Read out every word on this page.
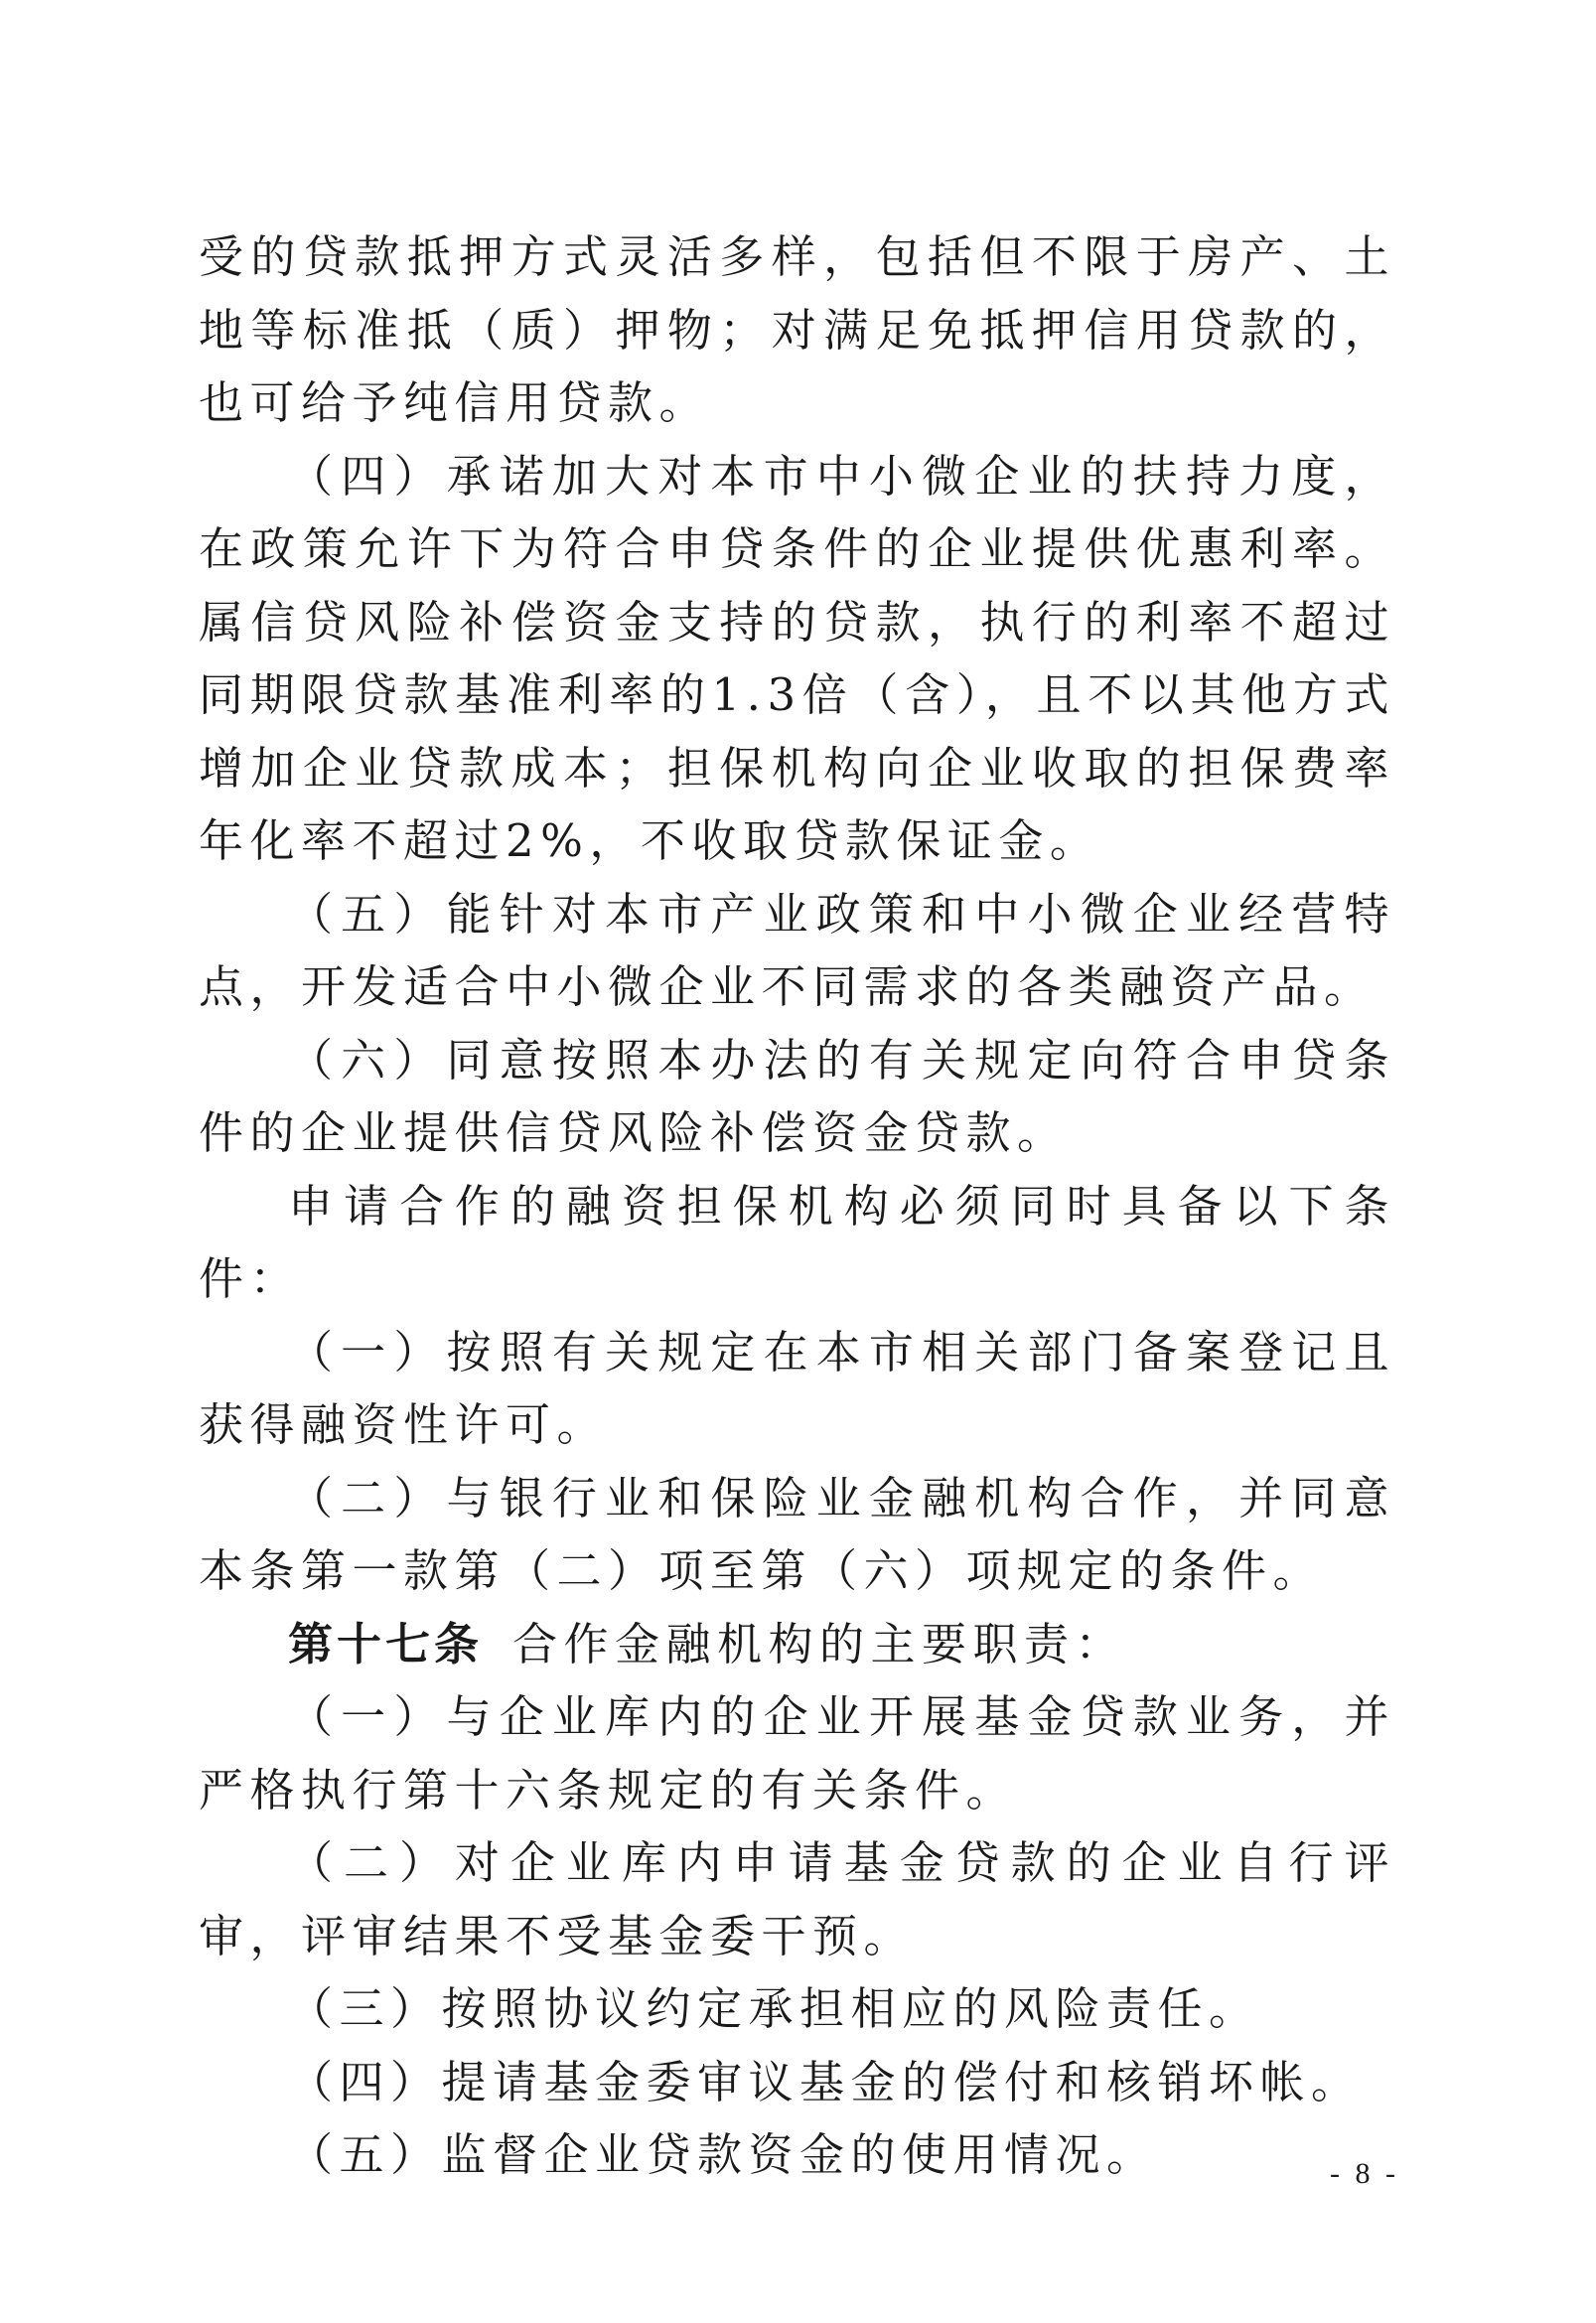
受的贷款抵押方式灵活多样，包括但不限于房产、土地等标准抵（质）押物；对满足免抵押信用贷款的，也可给予纯信用贷款。

（四）承诺加大对本市中小微企业的扶持力度，在政策允许下为符合申贷条件的企业提供优惠利率。属信贷风险补偿资金支持的贷款，执行的利率不超过同期限贷款基准利率的1.3倍（含），且不以其他方式增加企业贷款成本；担保机构向企业收取的担保费率年化率不超过2%，不收取贷款保证金。

（五）能针对本市产业政策和中小微企业经营特点，开发适合中小微企业不同需求的各类融资产品。

（六）同意按照本办法的有关规定向符合申贷条件的企业提供信贷风险补偿资金贷款。

申请合作的融资担保机构必须同时具备以下条件：

（一）按照有关规定在本市相关部门备案登记且获得融资性许可。

（二）与银行业和保险业金融机构合作，并同意本条第一款第（二）项至第（六）项规定的条件。

第十七条 合作金融机构的主要职责：

（一）与企业库内的企业开展基金贷款业务，并严格执行第十六条规定的有关条件。

（二）对企业库内申请基金贷款的企业自行评审，评审结果不受基金委干预。

（三）按照协议约定承担相应的风险责任。

（四）提请基金委审议基金的偿付和核销坏帐。

（五）监督企业贷款资金的使用情况。	- 8 -
